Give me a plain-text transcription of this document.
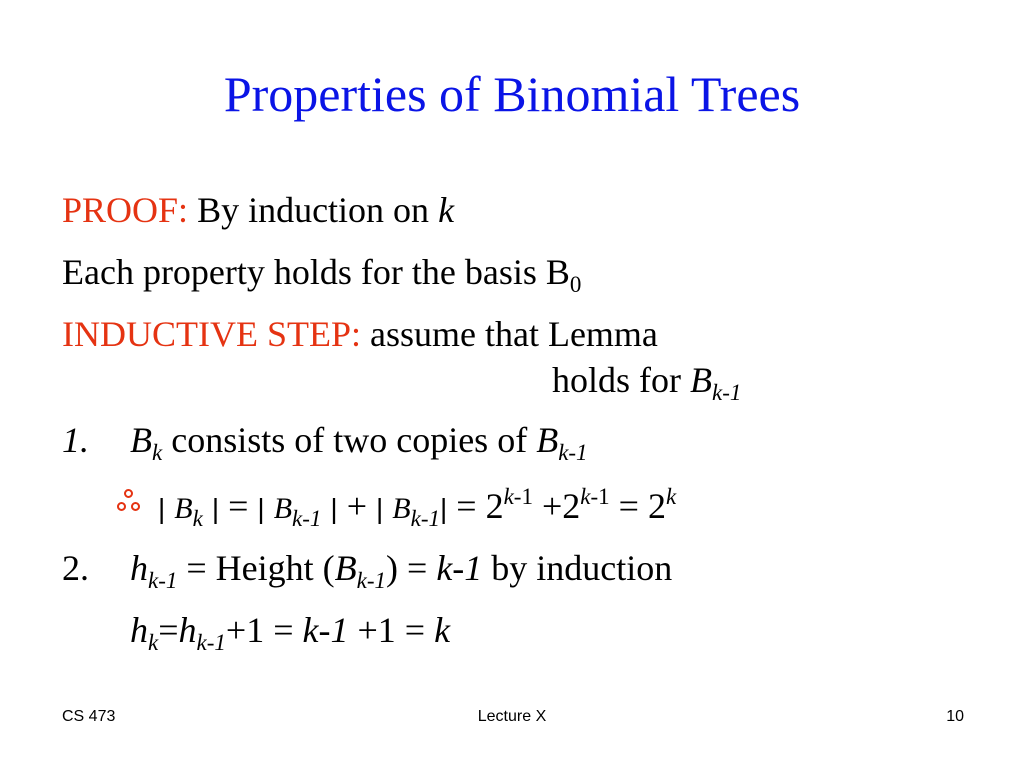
Properties of Binomial Trees
PROOF: By induction on k
Each property holds for the basis $B_0$
INDUCTIVE STEP: assume that Lemma
holds for $B_{k-1}$
1. $B_k$ consists of two copies of $B_{k-1}$
| $B_k$ | = | $B_{k-1}$ | + | $B_{k-1}| = 2^{k-1} +2^{k-1} = 2^k$
2. $h_{k-1}$ = Height $(B_{k-1}) = k-1$ by induction
$h_k=h_{k-1}+1 = k-1 +1 = k$
CS 473	Lecture X	10
